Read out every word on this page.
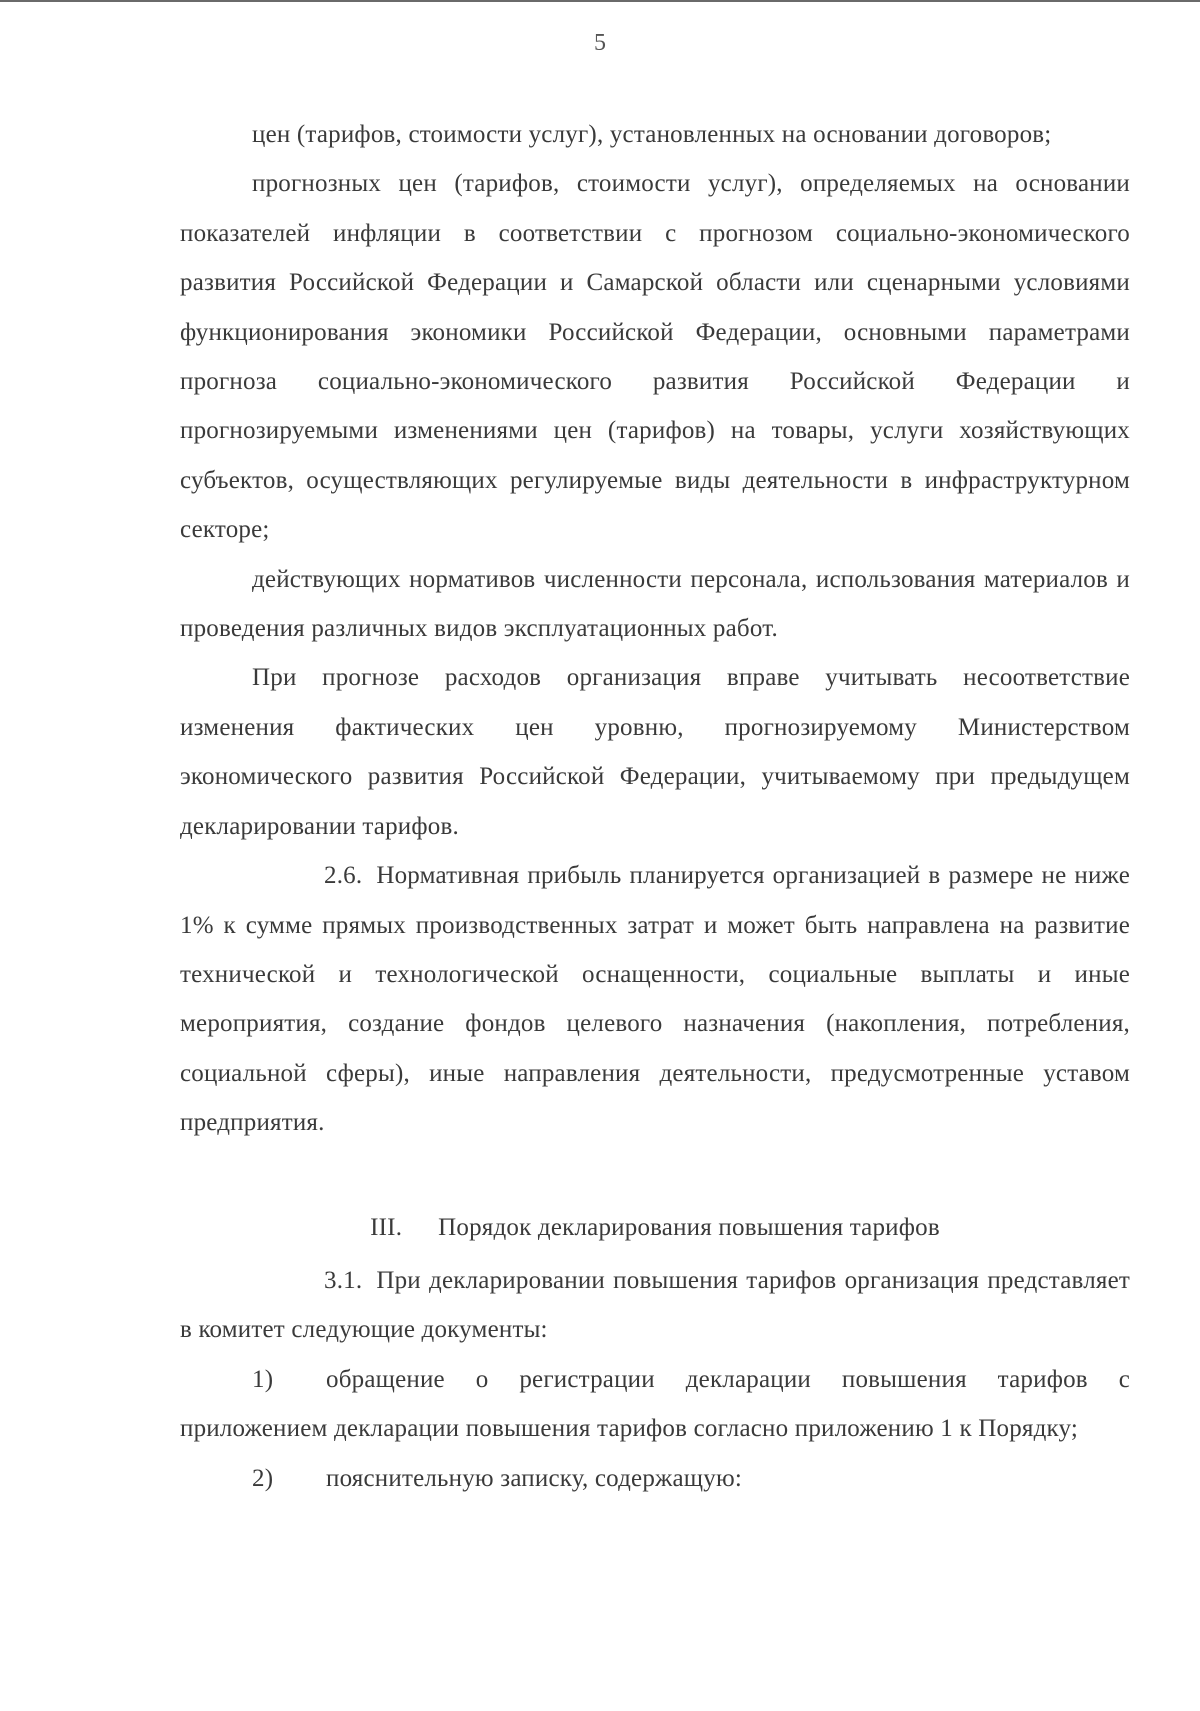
5

цен (тарифов, стоимости услуг), установленных на основании договоров;

прогнозных цен (тарифов, стоимости услуг), определяемых на основании показателей инфляции в соответствии с прогнозом социально-экономического развития Российской Федерации и Самарской области или сценарными условиями функционирования экономики Российской Федерации, основными параметрами прогноза социально-экономического развития Российской Федерации и прогнозируемыми изменениями цен (тарифов) на товары, услуги хозяйствующих субъектов, осуществляющих регулируемые виды деятельности в инфраструктурном секторе;

действующих нормативов численности персонала, использования материалов и проведения различных видов эксплуатационных работ.

При прогнозе расходов организация вправе учитывать несоответствие изменения фактических цен уровню, прогнозируемому Министерством экономического развития Российской Федерации, учитываемому при предыдущем декларировании тарифов.

2.6. Нормативная прибыль планируется организацией в размере не ниже 1% к сумме прямых производственных затрат и может быть направлена на развитие технической и технологической оснащенности, социальные выплаты и иные мероприятия, создание фондов целевого назначения (накопления, потребления, социальной сферы), иные направления деятельности, предусмотренные уставом предприятия.

III. Порядок декларирования повышения тарифов

3.1. При декларировании повышения тарифов организация представляет в комитет следующие документы:

1) обращение о регистрации декларации повышения тарифов с приложением декларации повышения тарифов согласно приложению 1 к Порядку;

2) пояснительную записку, содержащую:
